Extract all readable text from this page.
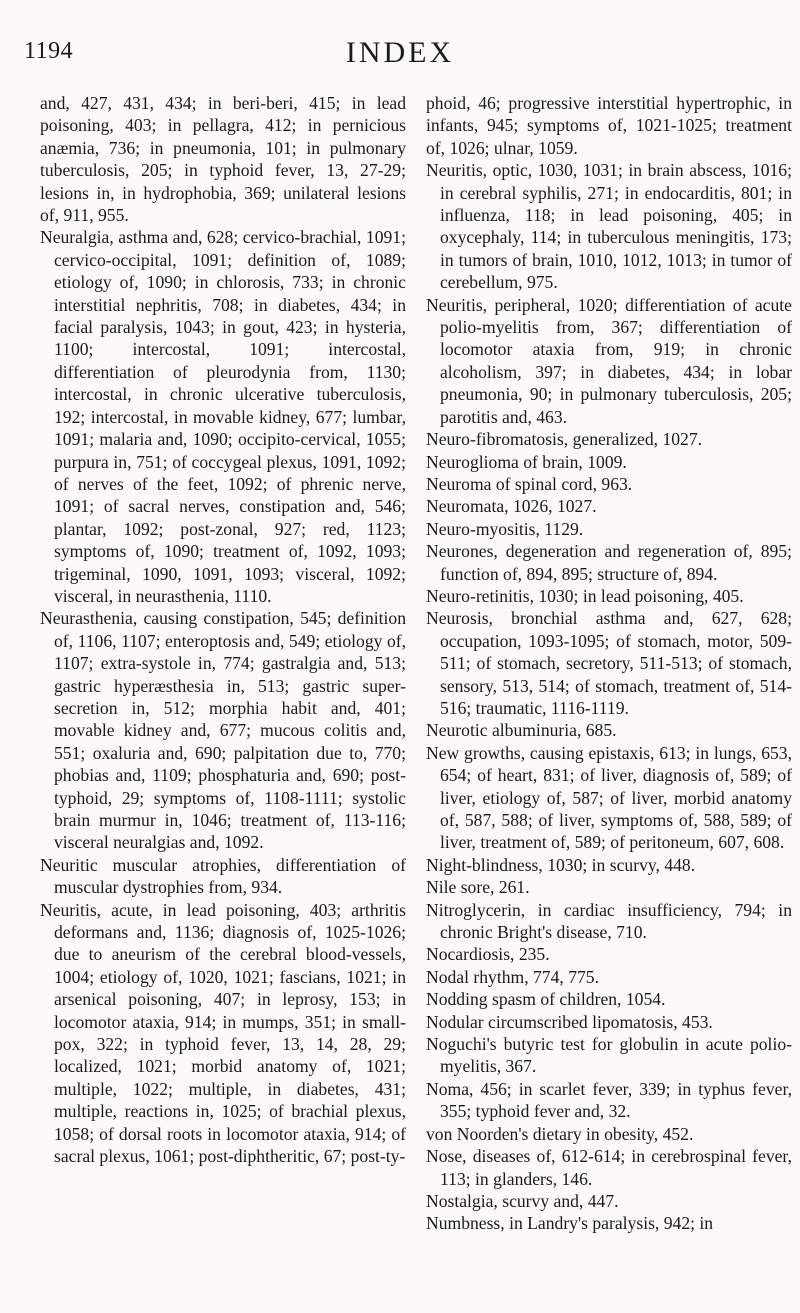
1194	INDEX

and, 427, 431, 434; in beri-beri, 415; in lead poisoning, 403; in pellagra, 412; in pernicious anæmia, 736; in pneumonia, 101; in pulmonary tuberculosis, 205; in typhoid fever, 13, 27-29; lesions in, in hydrophobia, 369; unilateral lesions of, 911, 955.

Neuralgia, asthma and, 628; cervico-brachial, 1091; cervico-occipital, 1091; definition of, 1089; etiology of, 1090; in chlorosis, 733; in chronic interstitial nephritis, 708; in diabetes, 434; in facial paralysis, 1043; in gout, 423; in hysteria, 1100; intercostal, 1091; intercostal, differentiation of pleurodynia from, 1130; intercostal, in chronic ulcerative tuberculosis, 192; intercostal, in movable kidney, 677; lumbar, 1091; malaria and, 1090; occipito-cervical, 1055; purpura in, 751; of coccygeal plexus, 1091, 1092; of nerves of the feet, 1092; of phrenic nerve, 1091; of sacral nerves, constipation and, 546; plantar, 1092; post-zonal, 927; red, 1123; symptoms of, 1090; treatment of, 1092, 1093; trigeminal, 1090, 1091, 1093; visceral, 1092; visceral, in neurasthenia, 1110.

Neurasthenia, causing constipation, 545; definition of, 1106, 1107; enteroptosis and, 549; etiology of, 1107; extra-systole in, 774; gastralgia and, 513; gastric hyperæsthesia in, 513; gastric super-secretion in, 512; morphia habit and, 401; movable kidney and, 677; mucous colitis and, 551; oxaluria and, 690; palpitation due to, 770; phobias and, 1109; phosphaturia and, 690; post-typhoid, 29; symptoms of, 1108-1111; systolic brain murmur in, 1046; treatment of, 113-116; visceral neuralgias and, 1092.

Neuritic muscular atrophies, differentiation of muscular dystrophies from, 934.

Neuritis, acute, in lead poisoning, 403; arthritis deformans and, 1136; diagnosis of, 1025-1026; due to aneurism of the cerebral blood-vessels, 1004; etiology of, 1020, 1021; fascians, 1021; in arsenical poisoning, 407; in leprosy, 153; in locomotor ataxia, 914; in mumps, 351; in small-pox, 322; in typhoid fever, 13, 14, 28, 29; localized, 1021; morbid anatomy of, 1021; multiple, 1022; multiple, in diabetes, 431; multiple, reactions in, 1025; of brachial plexus, 1058; of dorsal roots in locomotor ataxia, 914; of sacral plexus, 1061; post-diphtheritic, 67; post-ty-

phoid, 46; progressive interstitial hypertrophic, in infants, 945; symptoms of, 1021-1025; treatment of, 1026; ulnar, 1059.

Neuritis, optic, 1030, 1031; in brain abscess, 1016; in cerebral syphilis, 271; in endocarditis, 801; in influenza, 118; in lead poisoning, 405; in oxycephaly, 114; in tuberculous meningitis, 173; in tumors of brain, 1010, 1012, 1013; in tumor of cerebellum, 975.

Neuritis, peripheral, 1020; differentiation of acute polio-myelitis from, 367; differentiation of locomotor ataxia from, 919; in chronic alcoholism, 397; in diabetes, 434; in lobar pneumonia, 90; in pulmonary tuberculosis, 205; parotitis and, 463.

Neuro-fibromatosis, generalized, 1027.

Neuroglioma of brain, 1009.

Neuroma of spinal cord, 963.

Neuromata, 1026, 1027.

Neuro-myositis, 1129.

Neurones, degeneration and regeneration of, 895; function of, 894, 895; structure of, 894.

Neuro-retinitis, 1030; in lead poisoning, 405.

Neurosis, bronchial asthma and, 627, 628; occupation, 1093-1095; of stomach, motor, 509-511; of stomach, secretory, 511-513; of stomach, sensory, 513, 514; of stomach, treatment of, 514-516; traumatic, 1116-1119.

Neurotic albuminuria, 685.

New growths, causing epistaxis, 613; in lungs, 653, 654; of heart, 831; of liver, diagnosis of, 589; of liver, etiology of, 587; of liver, morbid anatomy of, 587, 588; of liver, symptoms of, 588, 589; of liver, treatment of, 589; of peritoneum, 607, 608.

Night-blindness, 1030; in scurvy, 448.

Nile sore, 261.

Nitroglycerin, in cardiac insufficiency, 794; in chronic Bright's disease, 710.

Nocardiosis, 235.

Nodal rhythm, 774, 775.

Nodding spasm of children, 1054.

Nodular circumscribed lipomatosis, 453.

Noguchi's butyric test for globulin in acute polio-myelitis, 367.

Noma, 456; in scarlet fever, 339; in typhus fever, 355; typhoid fever and, 32.

von Noorden's dietary in obesity, 452.

Nose, diseases of, 612-614; in cerebrospinal fever, 113; in glanders, 146.

Nostalgia, scurvy and, 447.

Numbness, in Landry's paralysis, 942; in
